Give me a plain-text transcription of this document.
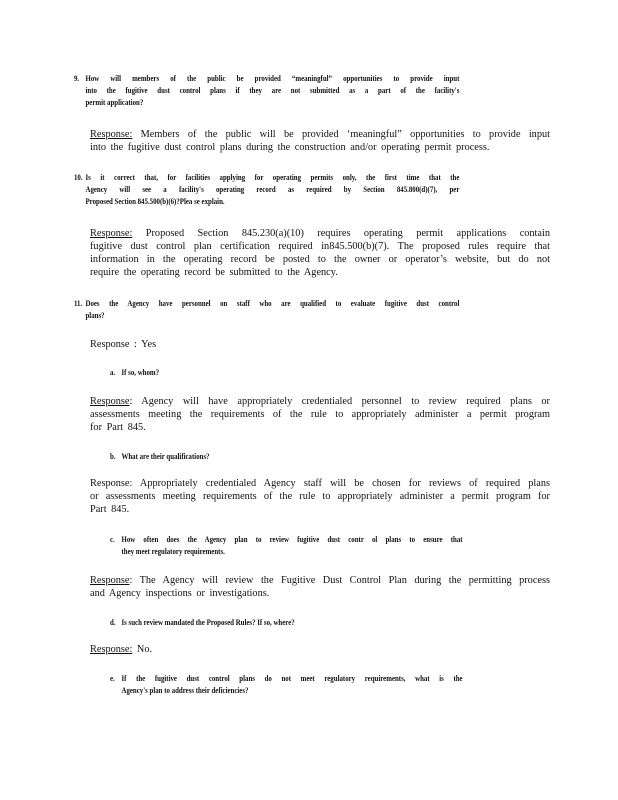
9. How will members of the public be provided “meaningful” opportunities to provide input
into the fugitive dust control plans if they are not submitted as a part of the facility's
permit application?
Response: Members of the public will be provided ‘meaningful” opportunities to provide input
into the fugitive dust control plans during the construction and/or operating permit process.
10. Is it correct that, for facilities applying for operating permits only, the first time that the
Agency will see a facility's operating record as required by Section 845.800(d)(7), per
Proposed Section 845.500(b)(6)?Plea se explain.
Response: Proposed Section 845.230(a)(10) requires operating permit applications contain
fugitive dust control plan certification required in845.500(b)(7). The proposed rules require that
information in the operating record be posted to the owner or operator’s website, but do not
require the operating record be submitted to the Agency.
11. Does the Agency have personnel on staff who are qualified to evaluate fugitive dust control
plans?
Response : Yes
a. If so, whom?
Response: Agency will have appropriately credentialed personnel to review required plans or
assessments meeting the requirements of the rule to appropriately administer a permit program
for Part 845.
b. What are their qualifications?
Response: Appropriately credentialed Agency staff will be chosen for reviews of required plans
or assessments meeting requirements of the rule to appropriately administer a permit program for
Part 845.
c. How often does the Agency plan to review fugitive dust contr ol plans to ensure that
they meet regulatory requirements.
Response: The Agency will review the Fugitive Dust Control Plan during the permitting process
and Agency inspections or investigations.
d. Is such review mandated the Proposed Rules? If so, where?
Response: No.
e. If the fugitive dust control plans do not meet regulatory requirements, what is the
Agency's plan to address their deficiencies?
